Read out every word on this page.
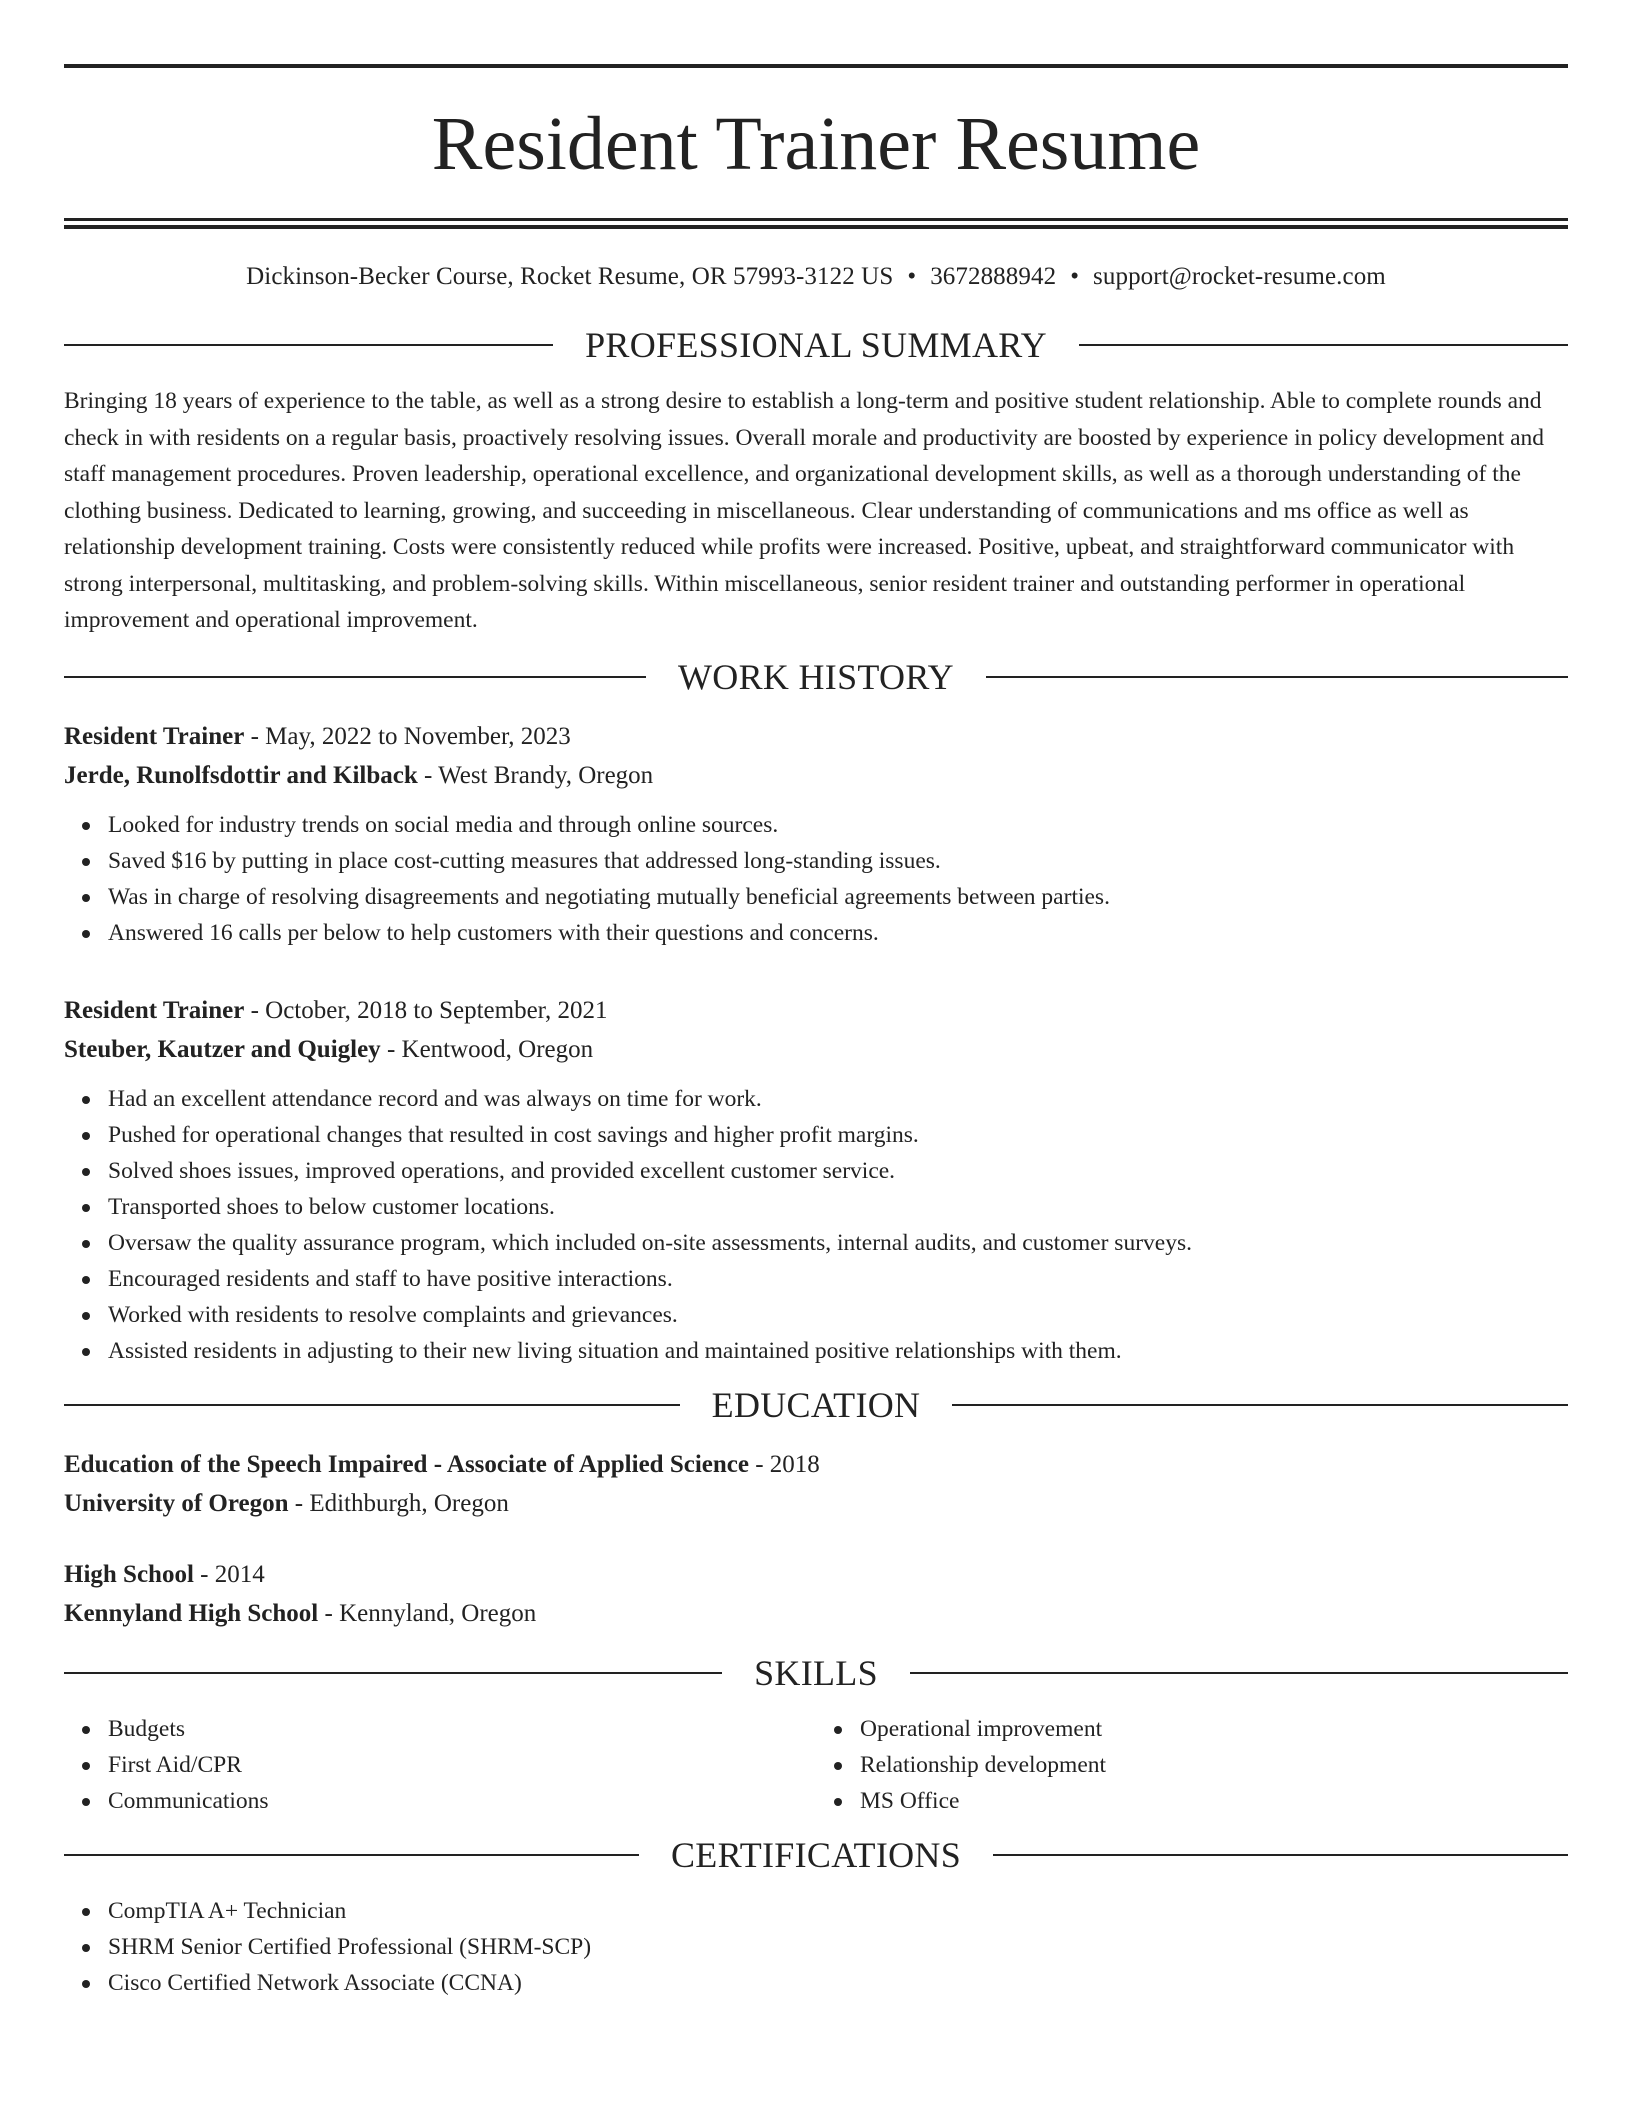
Resident Trainer Resume
Dickinson-Becker Course, Rocket Resume, OR 57993-3122 US • 3672888942 • support@rocket-resume.com
PROFESSIONAL SUMMARY

Bringing 18 years of experience to the table, as well as a strong desire to establish a long-term and positive student relationship. Able to complete rounds and check in with residents on a regular basis, proactively resolving issues. Overall morale and productivity are boosted by experience in policy development and staff management procedures. Proven leadership, operational excellence, and organizational development skills, as well as a thorough understanding of the clothing business. Dedicated to learning, growing, and succeeding in miscellaneous. Clear understanding of communications and ms office as well as relationship development training. Costs were consistently reduced while profits were increased. Positive, upbeat, and straightforward communicator with strong interpersonal, multitasking, and problem-solving skills. Within miscellaneous, senior resident trainer and outstanding performer in operational improvement and operational improvement.

WORK HISTORY
Resident Trainer - May, 2022 to November, 2023
Jerde, Runolfsdottir and Kilback - West Brandy, Oregon
Looked for industry trends on social media and through online sources.
Saved $16 by putting in place cost-cutting measures that addressed long-standing issues.
Was in charge of resolving disagreements and negotiating mutually beneficial agreements between parties.
Answered 16 calls per below to help customers with their questions and concerns.
Resident Trainer - October, 2018 to September, 2021
Steuber, Kautzer and Quigley - Kentwood, Oregon
Had an excellent attendance record and was always on time for work.
Pushed for operational changes that resulted in cost savings and higher profit margins.
Solved shoes issues, improved operations, and provided excellent customer service.
Transported shoes to below customer locations.
Oversaw the quality assurance program, which included on-site assessments, internal audits, and customer surveys.
Encouraged residents and staff to have positive interactions.
Worked with residents to resolve complaints and grievances.
Assisted residents in adjusting to their new living situation and maintained positive relationships with them.
EDUCATION
Education of the Speech Impaired - Associate of Applied Science - 2018
University of Oregon - Edithburgh, Oregon
High School - 2014
Kennyland High School - Kennyland, Oregon
SKILLS
Budgets
First Aid/CPR
Communications
Operational improvement
Relationship development
MS Office
CERTIFICATIONS
CompTIA A+ Technician
SHRM Senior Certified Professional (SHRM-SCP)
Cisco Certified Network Associate (CCNA)
